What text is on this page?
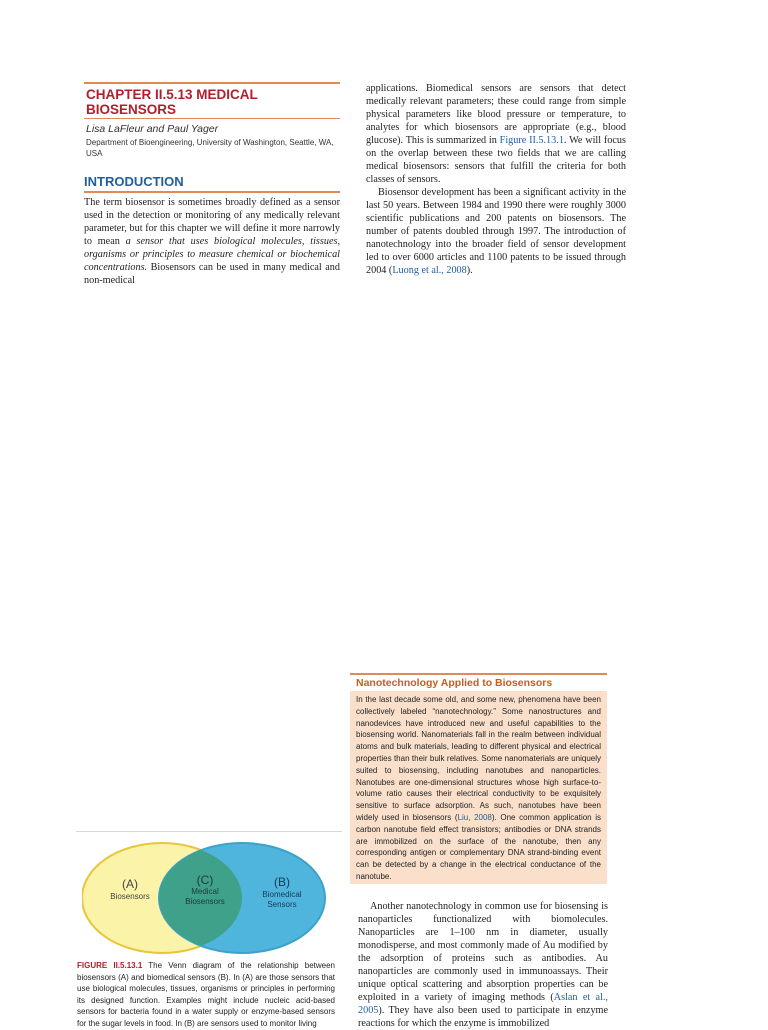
CHAPTER II.5.13 MEDICAL BIOSENSORS
Lisa LaFleur and Paul Yager
Department of Bioengineering, University of Washington, Seattle, WA, USA
INTRODUCTION

The term biosensor is sometimes broadly defined as a sensor used in the detection or monitoring of any medically relevant parameter, but for this chapter we will define it more narrowly to mean a sensor that uses biological molecules, tissues, organisms or principles to measure chemical or biochemical concentrations. Biosensors can be used in many medical and non-medical

applications. Biomedical sensors are sensors that detect medically relevant parameters; these could range from simple physical parameters like blood pressure or temperature, to analytes for which biosensors are appropriate (e.g., blood glucose). This is summarized in Figure II.5.13.1. We will focus on the overlap between these two fields that we are calling medical biosensors: sensors that fulfill the criteria for both classes of sensors.

Biosensor development has been a significant activity in the last 50 years. Between 1984 and 1990 there were roughly 3000 scientific publications and 200 patents on biosensors. The number of patents doubled through 1997. The introduction of nanotechnology into the broader field of sensor development led to over 6000 articles and 1100 patents to be issued through 2004 (Luong et al., 2008).

Nanotechnology Applied to Biosensors

In the last decade some old, and some new, phenomena have been collectively labeled “nanotechnology.” Some nanostructures and nanodevices have introduced new and useful capabilities to the biosensing world. Nanomaterials fall in the realm between individual atoms and bulk materials, leading to different physical and electrical properties than their bulk relatives. Some nanomaterials are uniquely suited to biosensing, including nanotubes and nanoparticles. Nanotubes are one-dimensional structures whose high surface-to-volume ratio causes their electrical conductivity to be exquisitely sensitive to surface adsorption. As such, nanotubes have been widely used in biosensors (Liu, 2008). One common application is carbon nanotube field effect transistors; antibodies or DNA strands are immobilized on the surface of the nanotube, then any corresponding antigen or complementary DNA strand-binding event can be detected by a change in the electrical conductance of the nanotube.

(A)
Biosensors
(C)
Medical
Biosensors
(B)
Biomedical
Sensors

FIGURE II.5.13.1 The Venn diagram of the relationship between biosensors (A) and biomedical sensors (B). In (A) are those sensors that use biological molecules, tissues, organisms or principles in performing its designed function. Examples might include nucleic acid-based sensors for bacteria found in a water supply or enzyme-based sensors for the sugar levels in food. In (B) are sensors used to monitor living

Another nanotechnology in common use for biosensing is nanoparticles functionalized with biomolecules. Nanoparticles are 1–100 nm in diameter, usually monodisperse, and most commonly made of Au modified by the adsorption of proteins such as antibodies. Au nanoparticles are commonly used in immunoassays. Their unique optical scattering and absorption properties can be exploited in a variety of imaging methods (Aslan et al., 2005). They have also been used to participate in enzyme reactions for which the enzyme is immobilized
